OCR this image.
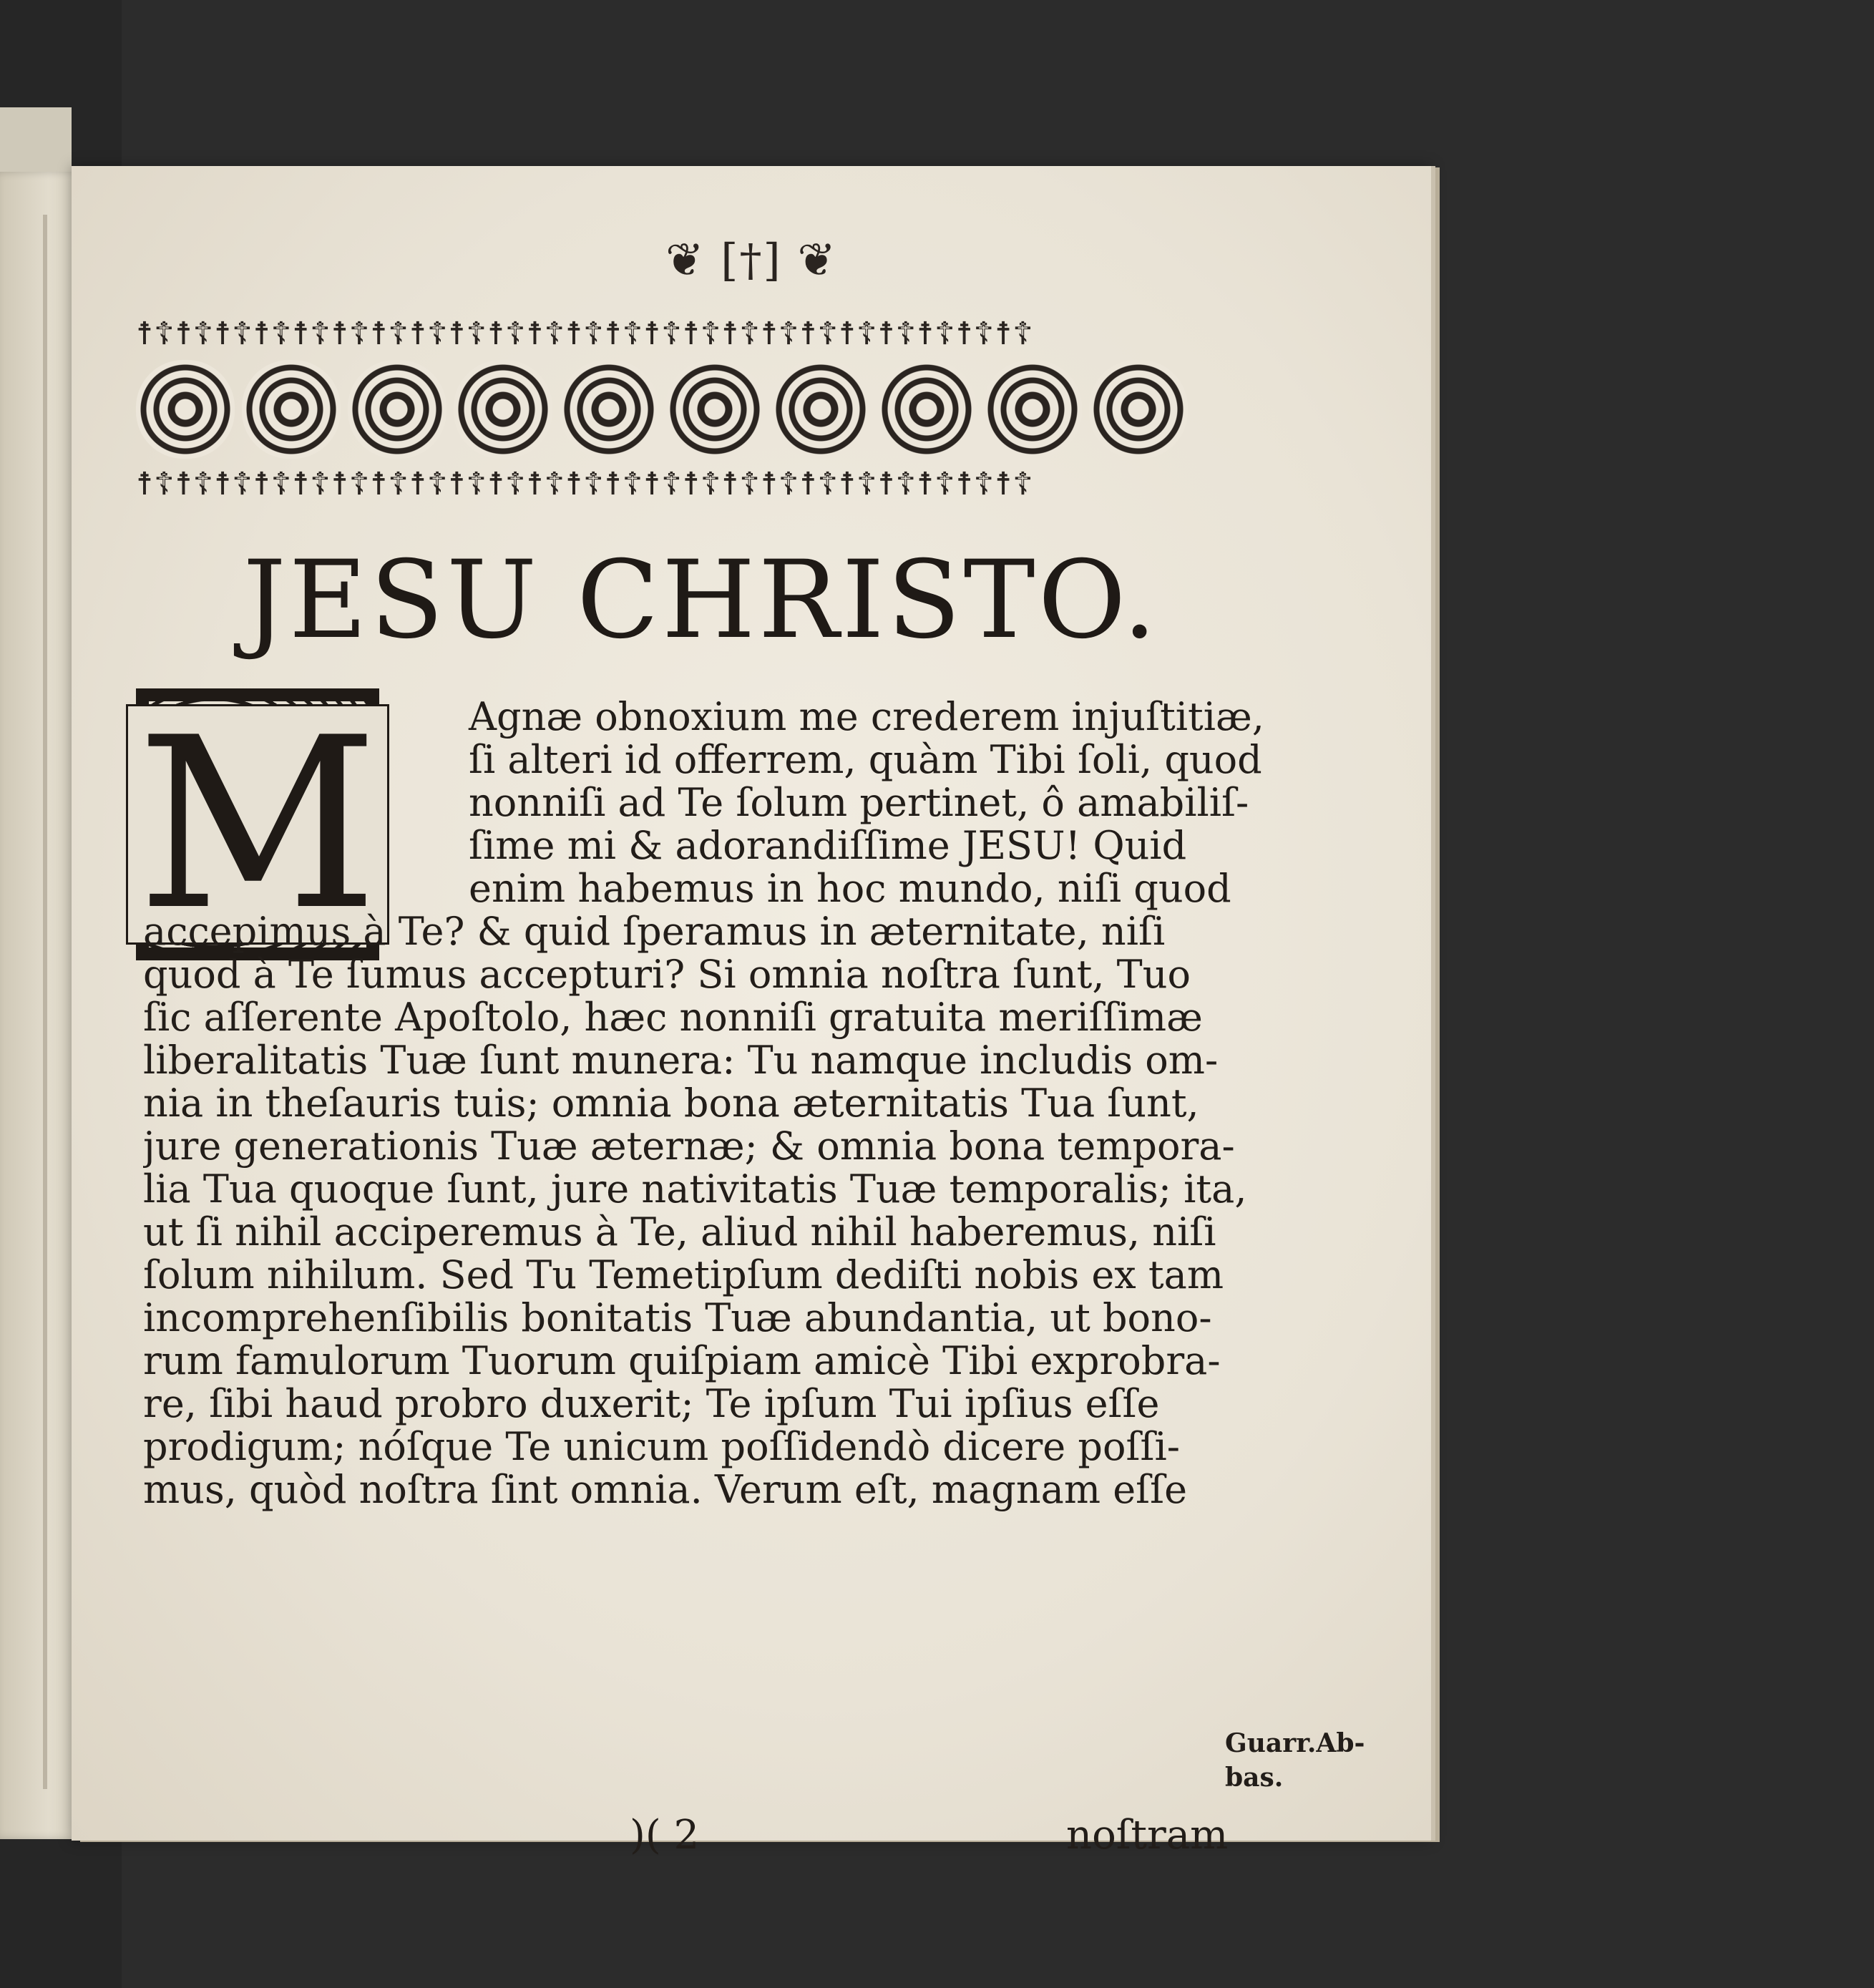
❦ [†] ❦
☨☦☨☦☨☦☨☦☨☦☨☦☨☦☨☦☨☦☨☦☨☦☨☦☨☦☨☦☨☦☨☦☨☦☨☦☨☦☨☦☨☦☨☦☨☦
☨☦☨☦☨☦☨☦☨☦☨☦☨☦☨☦☨☦☨☦☨☦☨☦☨☦☨☦☨☦☨☦☨☦☨☦☨☦☨☦☨☦☨☦☨☦
JESU CHRISTO.
M	Agnæ obnoxium me crederem injuſtitiæ,
ſi alteri id offerrem, quàm Tibi ſoli, quod
nonniſi ad Te ſolum pertinet, ô amabiliſ-
ſime mi & adorandiſſime JESU! Quid
enim habemus in hoc mundo, niſi quod
accepimus à Te? & quid ſperamus in æternitate, niſi
quod à Te ſumus accepturi? Si omnia noſtra ſunt, Tuo
ſic aſſerente Apoſtolo, hæc nonniſi gratuita meriſſimæ
liberalitatis Tuæ ſunt munera: Tu namque includis om-
nia in theſauris tuis; omnia bona æternitatis Tua ſunt,
jure generationis Tuæ æternæ; & omnia bona tempora-
lia Tua quoque ſunt, jure nativitatis Tuæ temporalis; ita,
ut ſi nihil acciperemus à Te, aliud nihil haberemus, niſi
ſolum nihilum. Sed Tu Temetipſum dediſti nobis ex tam
incomprehenſibilis bonitatis Tuæ abundantia, ut bono-
rum famulorum Tuorum quiſpiam amicè Tibi exprobra-
re, ſibi haud probro duxerit; Te ipſum Tui ipſius eſſe
prodigum; nóſque Te unicum poſſidendò dicere poſſi-
mus, quòd noſtra ſint omnia. Verum eſt, magnam eſſe
Guarr.Ab-
bas.
)( 2	noſtram
